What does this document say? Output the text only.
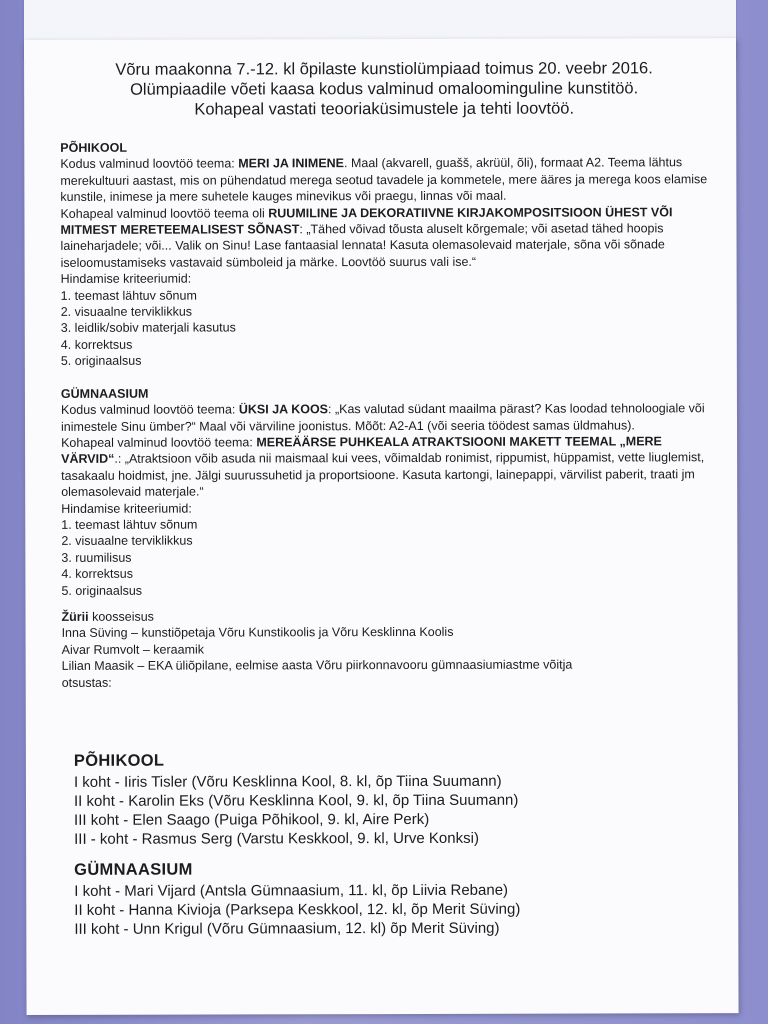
Võru maakonna 7.-12. kl õpilaste kunstiolümpiaad toimus 20. veebr 2016.
Olümpiaadile võeti kaasa kodus valminud omaloominguline kunstitöö.
Kohapeal vastati teooriaküsimustele ja tehti loovtöö.

PÕHIKOOL

Kodus valminud loovtöö teema: MERI JA INIMENE. Maal (akvarell, guašš, akrüül, õli), formaat A2. Teema lähtus merekultuuri aastast, mis on pühendatud merega seotud tavadele ja kommetele, mere ääres ja merega koos elamise kunstile, inimese ja mere suhetele kauges minevikus või praegu, linnas või maal.

Kohapeal valminud loovtöö teema oli RUUMILINE JA DEKORATIIVNE KIRJAKOMPOSITSIOON ÜHEST VÕI MITMEST MERETEEMALISEST SÕNAST: „Tähed võivad tõusta aluselt kõrgemale; või asetad tähed hoopis laineharjadele; või... Valik on Sinu! Lase fantaasial lennata! Kasuta olemasolevaid materjale, sõna või sõnade iseloomustamiseks vastavaid sümboleid ja märke. Loovtöö suurus vali ise.“

Hindamise kriteeriumid:

1. teemast lähtuv sõnum
2. visuaalne terviklikkus
3. leidlik/sobiv materjali kasutus
4. korrektsus
5. originaalsus

GÜMNAASIUM

Kodus valminud loovtöö teema: ÜKSI JA KOOS: „Kas valutad südant maailma pärast? Kas loodad tehnoloogiale või inimestele Sinu ümber?“ Maal või värviline joonistus. Mõõt: A2-A1 (või seeria töödest samas üldmahus).

Kohapeal valminud loovtöö teema: MEREÄÄRSE PUHKEALA ATRAKTSIOONI MAKETT TEEMAL „MERE VÄRVID“.: „Atraktsioon võib asuda nii maismaal kui vees, võimaldab ronimist, rippumist, hüppamist, vette liuglemist, tasakaalu hoidmist, jne. Jälgi suurussuhetid ja proportsioone. Kasuta kartongi, lainepappi, värvilist paberit, traati jm olemasolevaid materjale.“

Hindamise kriteeriumid:

1. teemast lähtuv sõnum
2. visuaalne terviklikkus
3. ruumilisus
4. korrektsus
5. originaalsus

Žürii koosseisus

Inna Süving – kunstiõpetaja Võru Kunstikoolis ja Võru Kesklinna Koolis

Aivar Rumvolt – keraamik

Lilian Maasik – EKA üliõpilane, eelmise aasta Võru piirkonnavooru gümnaasiumiastme võitja

otsustas:

PÕHIKOOL

I koht - Iiris Tisler (Võru Kesklinna Kool, 8. kl, õp Tiina Suumann)

II koht - Karolin Eks (Võru Kesklinna Kool, 9. kl, õp Tiina Suumann)

III koht - Elen Saago (Puiga Põhikool, 9. kl, Aire Perk)

III - koht - Rasmus Serg (Varstu Keskkool, 9. kl, Urve Konksi)

GÜMNAASIUM

I koht - Mari Vijard (Antsla Gümnaasium, 11. kl, õp Liivia Rebane)

II koht - Hanna Kivioja (Parksepa Keskkool, 12. kl, õp Merit Süving)

III koht - Unn Krigul (Võru Gümnaasium, 12. kl) õp Merit Süving)
